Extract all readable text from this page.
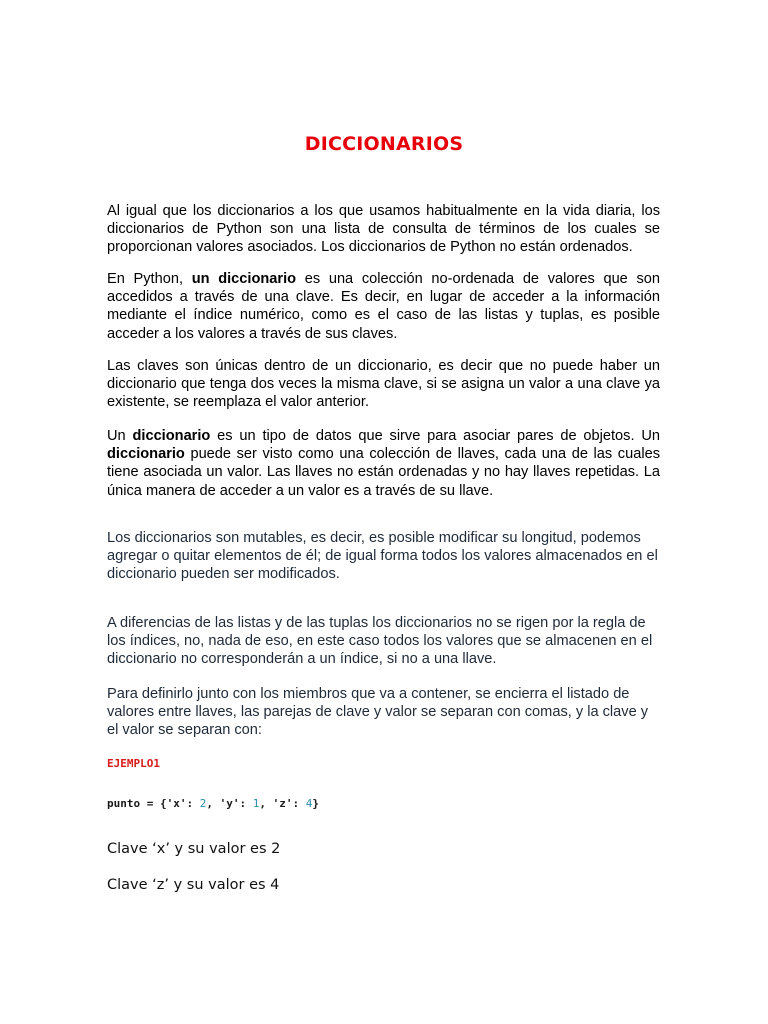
DICCIONARIOS

Al igual que los diccionarios a los que usamos habitualmente en la vida diaria, los diccionarios de Python son una lista de consulta de términos de los cuales se proporcionan valores asociados. Los diccionarios de Python no están ordenados.

En Python, un diccionario es una colección no-ordenada de valores que son accedidos a través de una clave. Es decir, en lugar de acceder a la información mediante el índice numérico, como es el caso de las listas y tuplas, es posible acceder a los valores a través de sus claves.

Las claves son únicas dentro de un diccionario, es decir que no puede haber un diccionario que tenga dos veces la misma clave, si se asigna un valor a una clave ya existente, se reemplaza el valor anterior.

Un diccionario es un tipo de datos que sirve para asociar pares de objetos. Un diccionario puede ser visto como una colección de llaves, cada una de las cuales tiene asociada un valor. Las llaves no están ordenadas y no hay llaves repetidas. La única manera de acceder a un valor es a través de su llave.

Los diccionarios son mutables, es decir, es posible modificar su longitud, podemos agregar o quitar elementos de él; de igual forma todos los valores almacenados en el diccionario pueden ser modificados.

A diferencias de las listas y de las tuplas los diccionarios no se rigen por la regla de los índices, no, nada de eso, en este caso todos los valores que se almacenen en el diccionario no corresponderán a un índice, si no a una llave.

Para definirlo junto con los miembros que va a contener, se encierra el listado de valores entre llaves, las parejas de clave y valor se separan con comas, y la clave y el valor se separan con:

EJEMPLO1
punto = {'x': 2, 'y': 1, 'z': 4}
Clave ‘x’ y su valor es 2
Clave ‘z’ y su valor es 4
